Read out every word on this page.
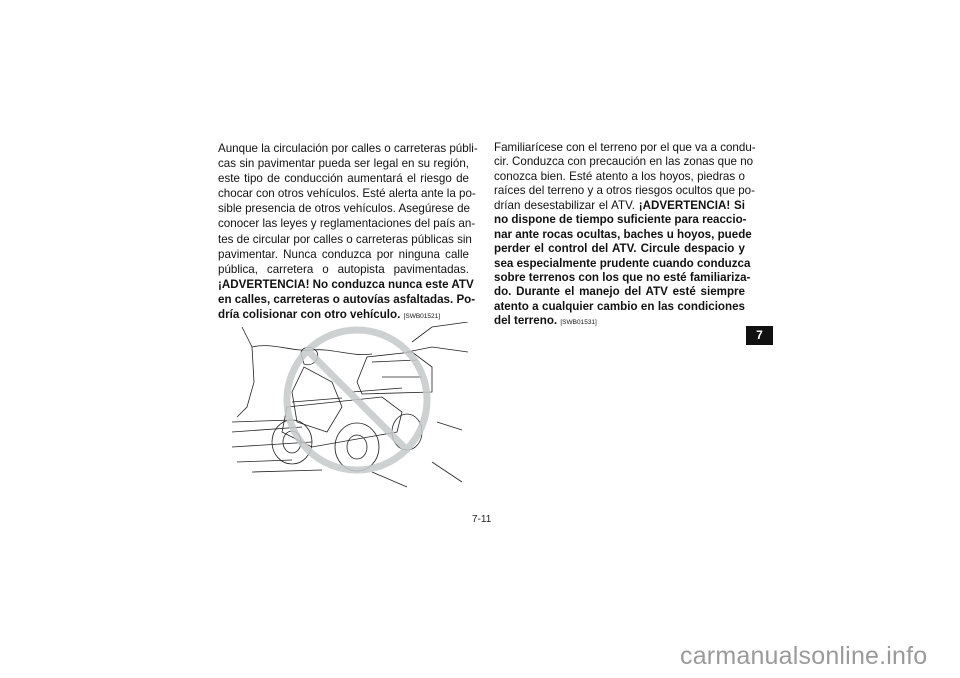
Aunque la circulación por calles o carreteras públi-
cas sin pavimentar pueda ser legal en su región,
este tipo de conducción aumentará el riesgo de
chocar con otros vehículos. Esté alerta ante la po-
sible presencia de otros vehículos. Asegúrese de
conocer las leyes y reglamentaciones del país an-
tes de circular por calles o carreteras públicas sin
pavimentar. Nunca conduzca por ninguna calle
pública, carretera o autopista pavimentadas.
¡ADVERTENCIA! No conduzca nunca este ATV
en calles, carreteras o autovías asfaltadas. Po-
dría colisionar con otro vehículo. [SWB01521]
Familiarícese con el terreno por el que va a condu-
cir. Conduzca con precaución en las zonas que no
conozca bien. Esté atento a los hoyos, piedras o
raíces del terreno y a otros riesgos ocultos que po-
drían desestabilizar el ATV. ¡ADVERTENCIA! Si
no dispone de tiempo suficiente para reaccio-
nar ante rocas ocultas, baches u hoyos, puede
perder el control del ATV. Circule despacio y
sea especialmente prudente cuando conduzca
sobre terrenos con los que no esté familiariza-
do. Durante el manejo del ATV esté siempre
atento a cualquier cambio en las condiciones
del terreno. [SWB01531]
7
7-11
carmanualsonline.info
